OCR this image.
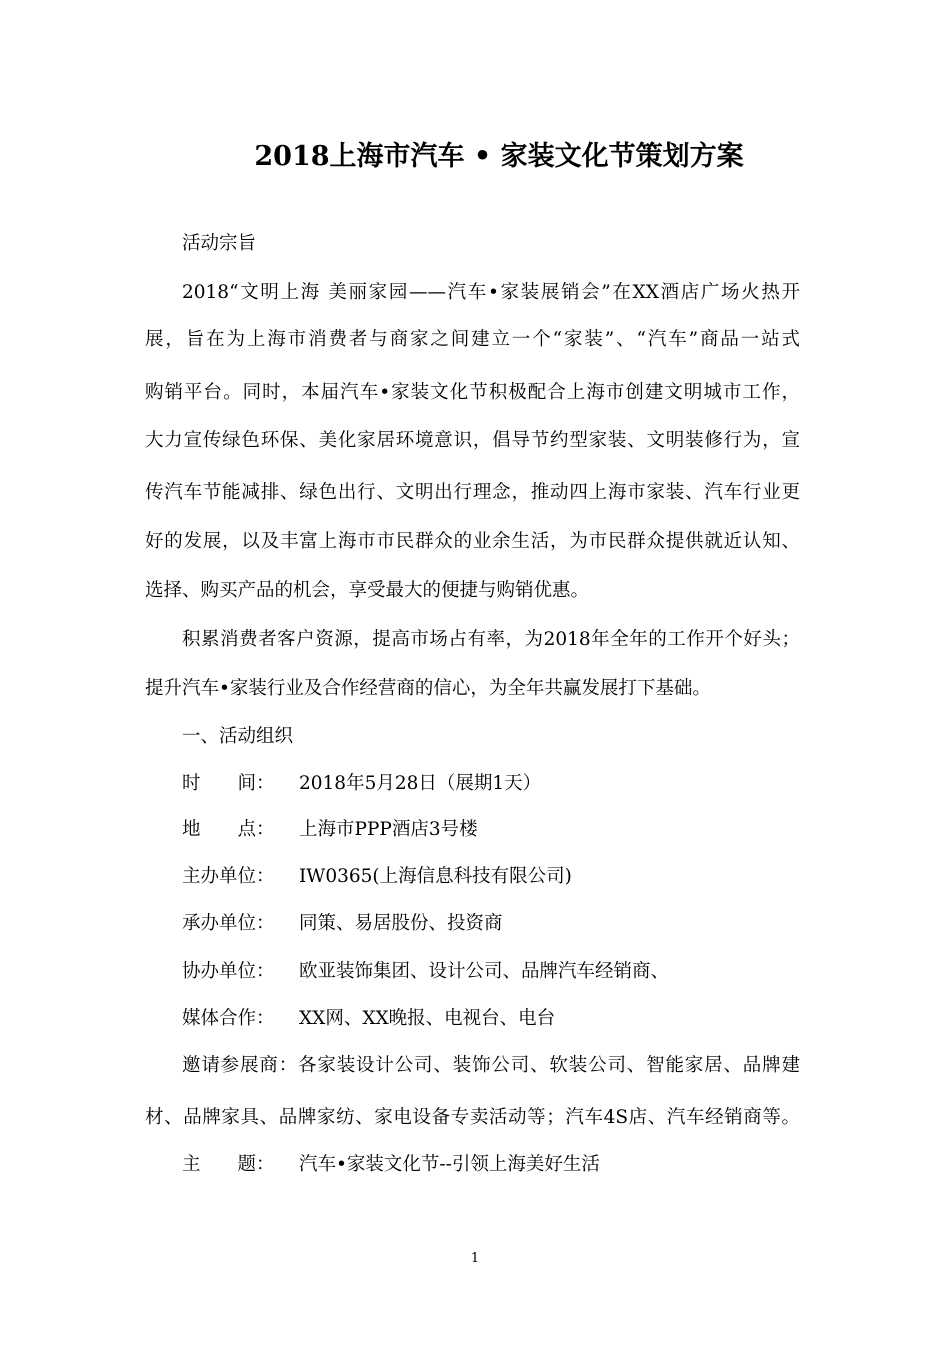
2018上海市汽车 • 家装文化节策划方案
活动宗旨
2018“文明上海 美丽家园——汽车•家装展销会”在XX酒店广场火热开
展，旨在为上海市消费者与商家之间建立一个“家装”、“汽车”商品一站式
购销平台。同时，本届汽车•家装文化节积极配合上海市创建文明城市工作，
大力宣传绿色环保、美化家居环境意识，倡导节约型家装、文明装修行为，宣
传汽车节能减排、绿色出行、文明出行理念，推动四上海市家装、汽车行业更
好的发展，以及丰富上海市市民群众的业余生活，为市民群众提供就近认知、
选择、购买产品的机会，享受最大的便捷与购销优惠。
积累消费者客户资源，提高市场占有率，为2018年全年的工作开个好头；
提升汽车•家装行业及合作经营商的信心，为全年共赢发展打下基础。
一、活动组织
时　　间： 2018年5月28日（展期1天）
地　　点： 上海市PPP酒店3号楼
主办单位： IW0365(上海信息科技有限公司)
承办单位： 同策、易居股份、投资商
协办单位： 欧亚装饰集团、设计公司、品牌汽车经销商、
媒体合作： XX网、XX晚报、电视台、电台
邀请参展商：各家装设计公司、装饰公司、软装公司、智能家居、品牌建
材、品牌家具、品牌家纺、家电设备专卖活动等；汽车4S店、汽车经销商等。
主　　题： 汽车•家装文化节--引领上海美好生活
1
